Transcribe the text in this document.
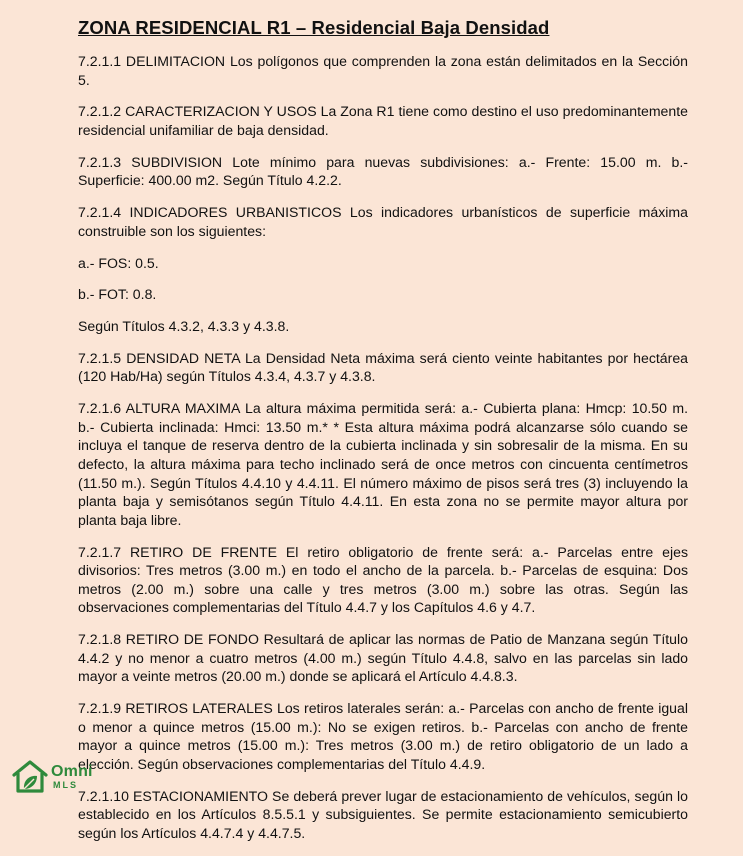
ZONA RESIDENCIAL R1 – Residencial Baja Densidad

7.2.1.1 DELIMITACION Los polígonos que comprenden la zona están delimitados en la Sección 5.

7.2.1.2 CARACTERIZACION Y USOS La Zona R1 tiene como destino el uso predominantemente residencial unifamiliar de baja densidad.

7.2.1.3 SUBDIVISION Lote mínimo para nuevas subdivisiones: a.- Frente: 15.00 m. b.- Superficie: 400.00 m2. Según Título 4.2.2.

7.2.1.4 INDICADORES URBANISTICOS Los indicadores urbanísticos de superficie máxima construible son los siguientes:

a.- FOS: 0.5.

b.- FOT: 0.8.

Según Títulos 4.3.2, 4.3.3 y 4.3.8.

7.2.1.5 DENSIDAD NETA La Densidad Neta máxima será ciento veinte habitantes por hectárea (120 Hab/Ha) según Títulos 4.3.4, 4.3.7 y 4.3.8.

7.2.1.6 ALTURA MAXIMA La altura máxima permitida será: a.- Cubierta plana: Hmcp: 10.50 m. b.- Cubierta inclinada: Hmci: 13.50 m.* * Esta altura máxima podrá alcanzarse sólo cuando se incluya el tanque de reserva dentro de la cubierta inclinada y sin sobresalir de la misma. En su defecto, la altura máxima para techo inclinado será de once metros con cincuenta centímetros (11.50 m.). Según Títulos 4.4.10 y 4.4.11. El número máximo de pisos será tres (3) incluyendo la planta baja y semisótanos según Título 4.4.11. En esta zona no se permite mayor altura por planta baja libre.

7.2.1.7 RETIRO DE FRENTE El retiro obligatorio de frente será: a.- Parcelas entre ejes divisorios: Tres metros (3.00 m.) en todo el ancho de la parcela. b.- Parcelas de esquina: Dos metros (2.00 m.) sobre una calle y tres metros (3.00 m.) sobre las otras. Según las observaciones complementarias del Título 4.4.7 y los Capítulos 4.6 y 4.7.

7.2.1.8 RETIRO DE FONDO Resultará de aplicar las normas de Patio de Manzana según Título 4.4.2 y no menor a cuatro metros (4.00 m.) según Título 4.4.8, salvo en las parcelas sin lado mayor a veinte metros (20.00 m.) donde se aplicará el Artículo 4.4.8.3.

7.2.1.9 RETIROS LATERALES Los retiros laterales serán: a.- Parcelas con ancho de frente igual o menor a quince metros (15.00 m.): No se exigen retiros. b.- Parcelas con ancho de frente mayor a quince metros (15.00 m.): Tres metros (3.00 m.) de retiro obligatorio de un lado a elección. Según observaciones complementarias del Título 4.4.9.

7.2.1.10 ESTACIONAMIENTO Se deberá prever lugar de estacionamiento de vehículos, según lo establecido en los Artículos 8.5.5.1 y subsiguientes. Se permite estacionamiento semicubierto según los Artículos 4.4.7.4 y 4.4.7.5.

Omni
MLS
